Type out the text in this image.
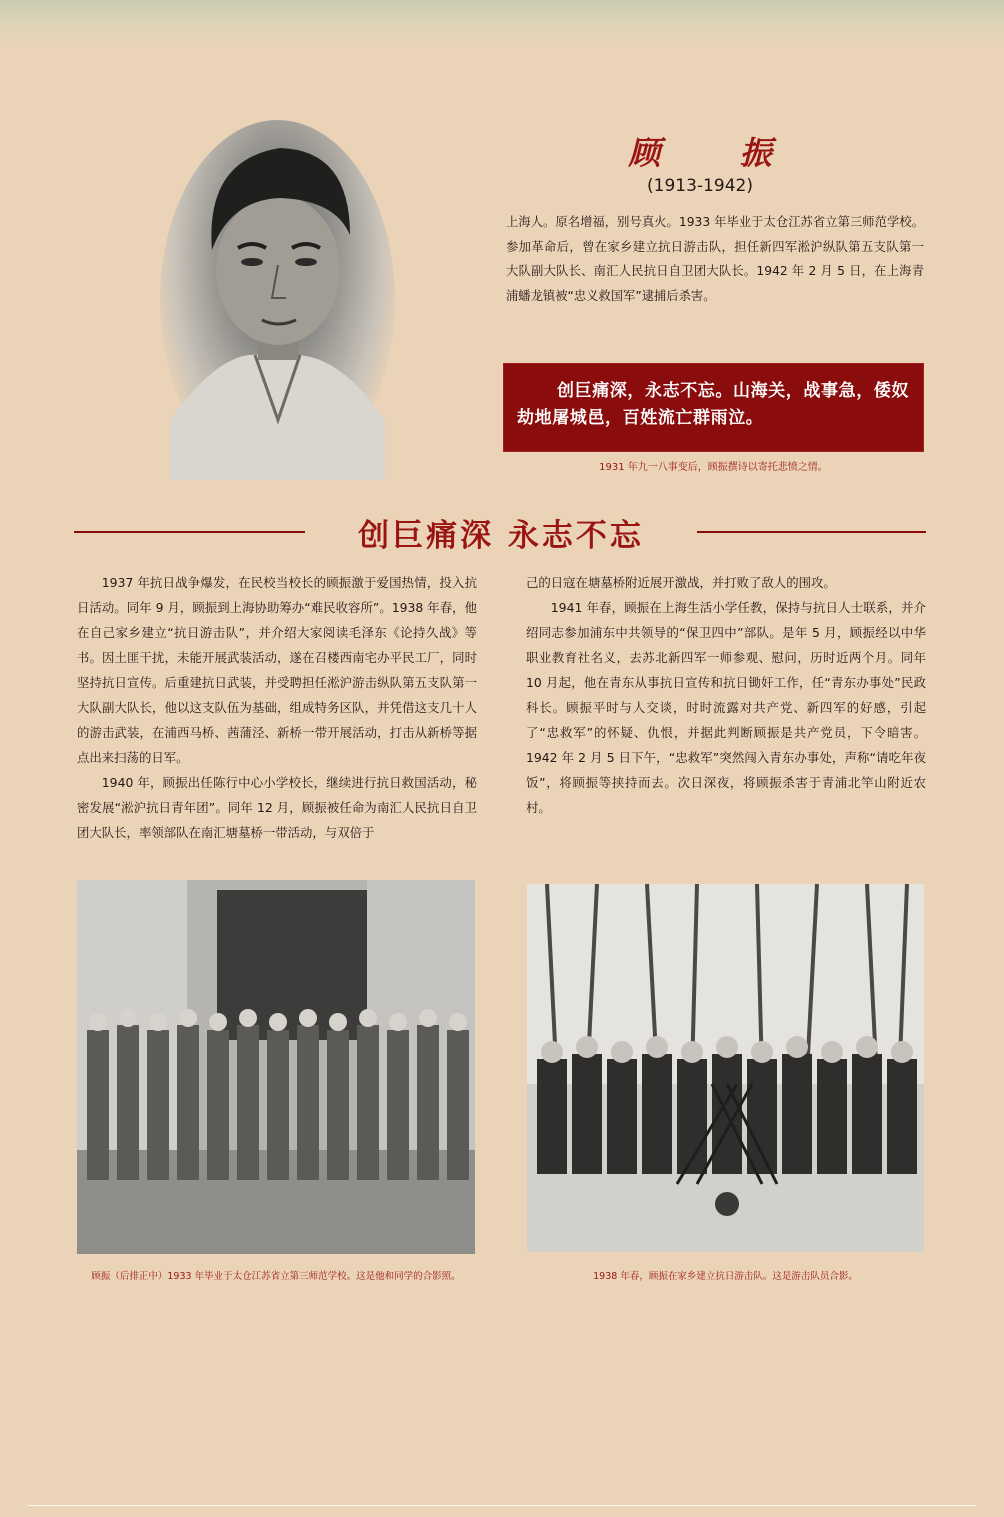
顾 振
(1913-1942)
上海人。原名增福，别号真火。1933 年毕业于太仓江苏省立第三师范学校。参加革命后，曾在家乡建立抗日游击队，担任新四军淞沪纵队第五支队第一大队副大队长、南汇人民抗日自卫团大队长。1942 年 2 月 5 日，在上海青浦蟠龙镇被“忠义救国军”逮捕后杀害。
创巨痛深，永志不忘。山海关，战事急，倭奴劫地屠城邑，百姓流亡群雨泣。
1931 年九一八事变后，顾振撰诗以寄托悲愤之情。
创巨痛深 永志不忘

1937 年抗日战争爆发，在民校当校长的顾振激于爱国热情，投入抗日活动。同年 9 月，顾振到上海协助筹办“难民收容所”。1938 年春，他在自己家乡建立“抗日游击队”，并介绍大家阅读毛泽东《论持久战》等书。因土匪干扰，未能开展武装活动，遂在召楼西南宅办平民工厂，同时坚持抗日宣传。后重建抗日武装，并受聘担任淞沪游击纵队第五支队第一大队副大队长，他以这支队伍为基础，组成特务区队，并凭借这支几十人的游击武装，在浦西马桥、茜蒲泾、新桥一带开展活动，打击从新桥等据点出来扫荡的日军。

1940 年，顾振出任陈行中心小学校长，继续进行抗日救国活动，秘密发展“淞沪抗日青年团”。同年 12 月，顾振被任命为南汇人民抗日自卫团大队长，率领部队在南汇塘墓桥一带活动，与双倍于

己的日寇在塘墓桥附近展开激战，并打败了敌人的围攻。

1941 年春，顾振在上海生活小学任教，保持与抗日人士联系，并介绍同志参加浦东中共领导的“保卫四中”部队。是年 5 月，顾振经以中华职业教育社名义，去苏北新四军一师参观、慰问，历时近两个月。同年 10 月起，他在青东从事抗日宣传和抗日锄奸工作，任“青东办事处”民政科长。顾振平时与人交谈，时时流露对共产党、新四军的好感，引起了“忠救军”的怀疑、仇恨，并据此判断顾振是共产党员，下令暗害。1942 年 2 月 5 日下午，“忠救军”突然闯入青东办事处，声称“请吃年夜饭”，将顾振等挟持而去。次日深夜，将顾振杀害于青浦北竿山附近农村。

顾振（后排正中）1933 年毕业于太仓江苏省立第三师范学校。这是他和同学的合影照。	1938 年春，顾振在家乡建立抗日游击队。这是游击队员合影。
